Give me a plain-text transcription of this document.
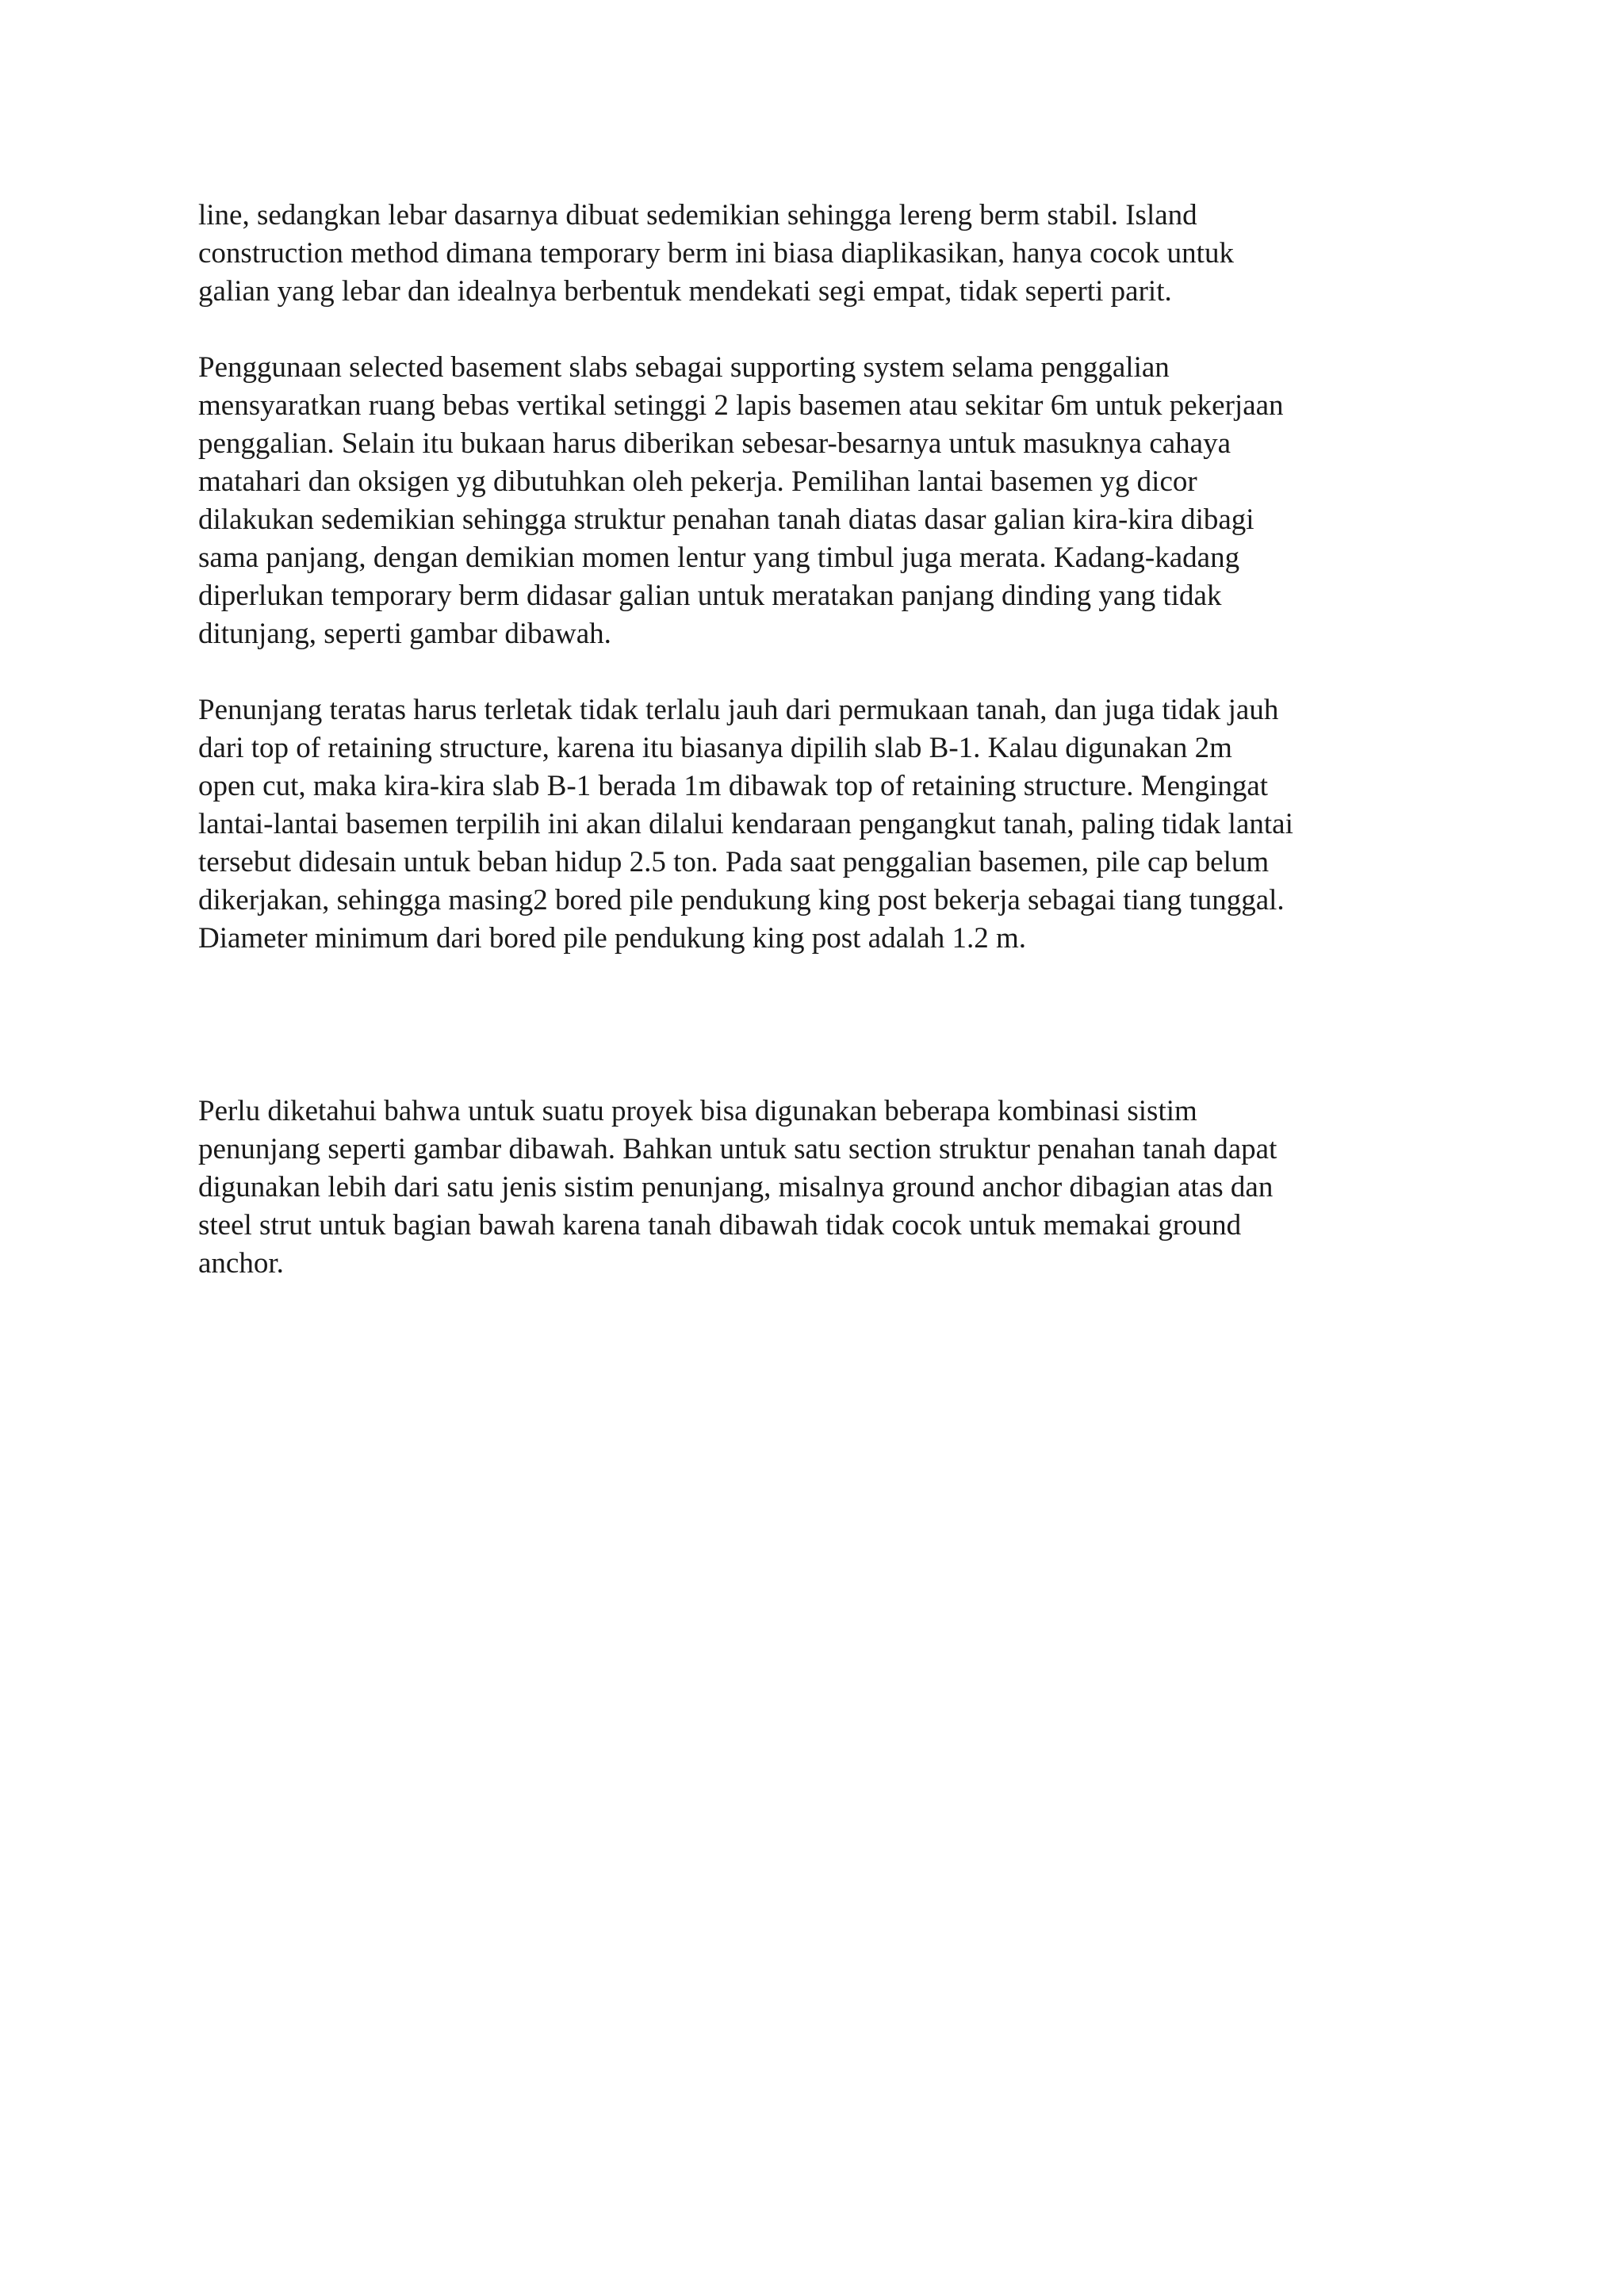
line, sedangkan lebar dasarnya dibuat sedemikian sehingga lereng berm stabil. Island
construction method dimana temporary berm ini biasa diaplikasikan, hanya cocok untuk
galian yang lebar dan idealnya berbentuk mendekati segi empat, tidak seperti parit.
Penggunaan selected basement slabs sebagai supporting system selama penggalian
mensyaratkan ruang bebas vertikal setinggi 2 lapis basemen atau sekitar 6m untuk pekerjaan
penggalian. Selain itu bukaan harus diberikan sebesar-besarnya untuk masuknya cahaya
matahari dan oksigen yg dibutuhkan oleh pekerja. Pemilihan lantai basemen yg dicor
dilakukan sedemikian sehingga struktur penahan tanah diatas dasar galian kira-kira dibagi
sama panjang, dengan demikian momen lentur yang timbul juga merata. Kadang-kadang
diperlukan temporary berm didasar galian untuk meratakan panjang dinding yang tidak
ditunjang, seperti gambar dibawah.
Penunjang teratas harus terletak tidak terlalu jauh dari permukaan tanah, dan juga tidak jauh
dari top of retaining structure, karena itu biasanya dipilih slab B-1. Kalau digunakan 2m
open cut, maka kira-kira slab B-1 berada 1m dibawak top of retaining structure. Mengingat
lantai-lantai basemen terpilih ini akan dilalui kendaraan pengangkut tanah, paling tidak lantai
tersebut didesain untuk beban hidup 2.5 ton. Pada saat penggalian basemen, pile cap belum
dikerjakan, sehingga masing2 bored pile pendukung king post bekerja sebagai tiang tunggal.
Diameter minimum dari bored pile pendukung king post adalah 1.2 m.
Perlu diketahui bahwa untuk suatu proyek bisa digunakan beberapa kombinasi sistim
penunjang seperti gambar dibawah. Bahkan untuk satu section struktur penahan tanah dapat
digunakan lebih dari satu jenis sistim penunjang, misalnya ground anchor dibagian atas dan
steel strut untuk bagian bawah karena tanah dibawah tidak cocok untuk memakai ground
anchor.
